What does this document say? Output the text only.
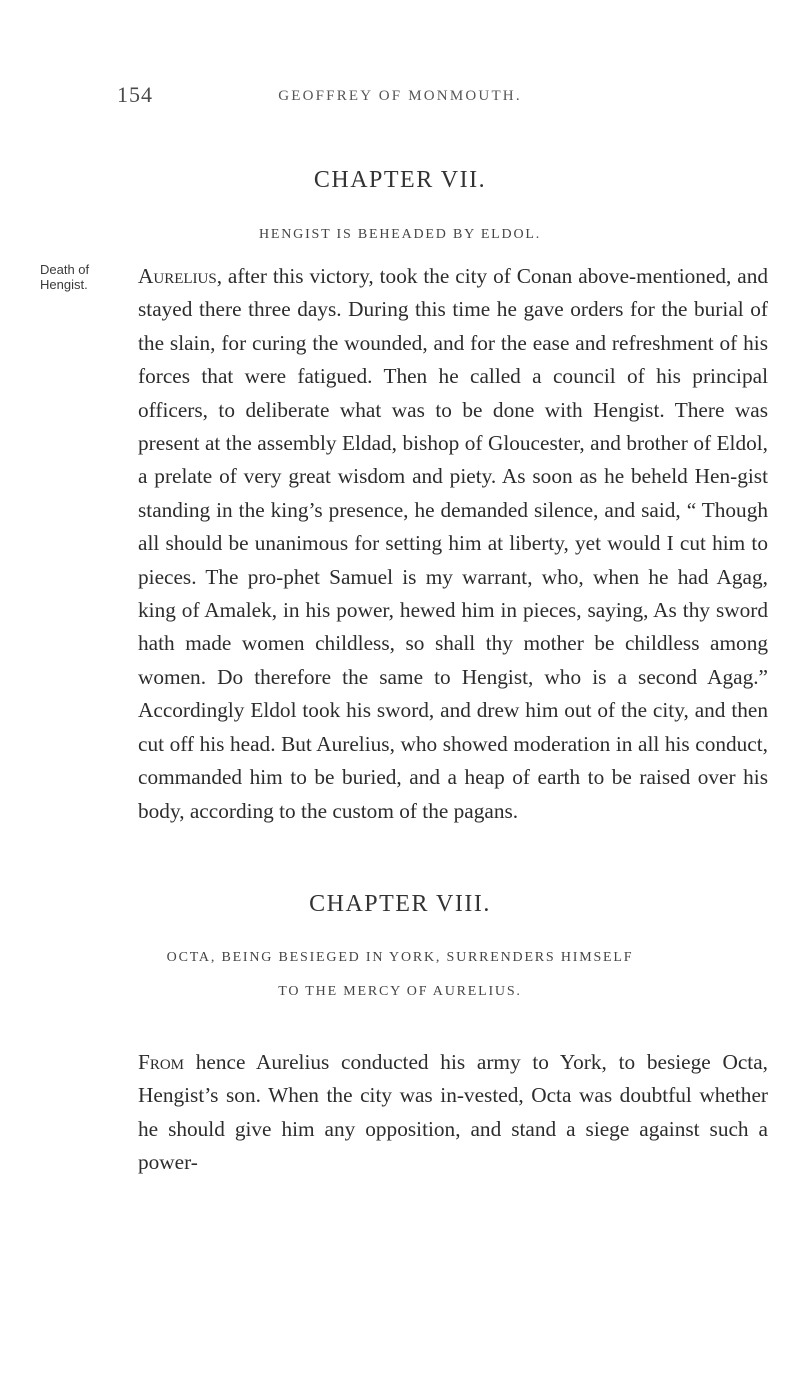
154	GEOFFREY OF MONMOUTH.
CHAPTER VII.
HENGIST IS BEHEADED BY ELDOL.
Death of Hengist.	Aurelius, after this victory, took the city of Conan above-mentioned, and stayed there three days. During this time he gave orders for the burial of the slain, for curing the wounded, and for the ease and refreshment of his forces that were fatigued. Then he called a council of his principal officers, to deliberate what was to be done with Hengist. There was present at the assembly Eldad, bishop of Gloucester, and brother of Eldol, a prelate of very great wisdom and piety. As soon as he beheld Hen-gist standing in the king’s presence, he demanded silence, and said, “ Though all should be unanimous for setting him at liberty, yet would I cut him to pieces. The pro-phet Samuel is my warrant, who, when he had Agag, king of Amalek, in his power, hewed him in pieces, saying, As thy sword hath made women childless, so shall thy mother be childless among women. Do therefore the same to Hengist, who is a second Agag.” Accordingly Eldol took his sword, and drew him out of the city, and then cut off his head. But Aurelius, who showed moderation in all his conduct, commanded him to be buried, and a heap of earth to be raised over his body, according to the custom of the pagans.

CHAPTER VIII.
OCTA, BEING BESIEGED IN YORK, SURRENDERS HIMSELF
TO THE MERCY OF AURELIUS.

From hence Aurelius conducted his army to York, to besiege Octa, Hengist’s son. When the city was in-vested, Octa was doubtful whether he should give him any opposition, and stand a siege against such a power-
